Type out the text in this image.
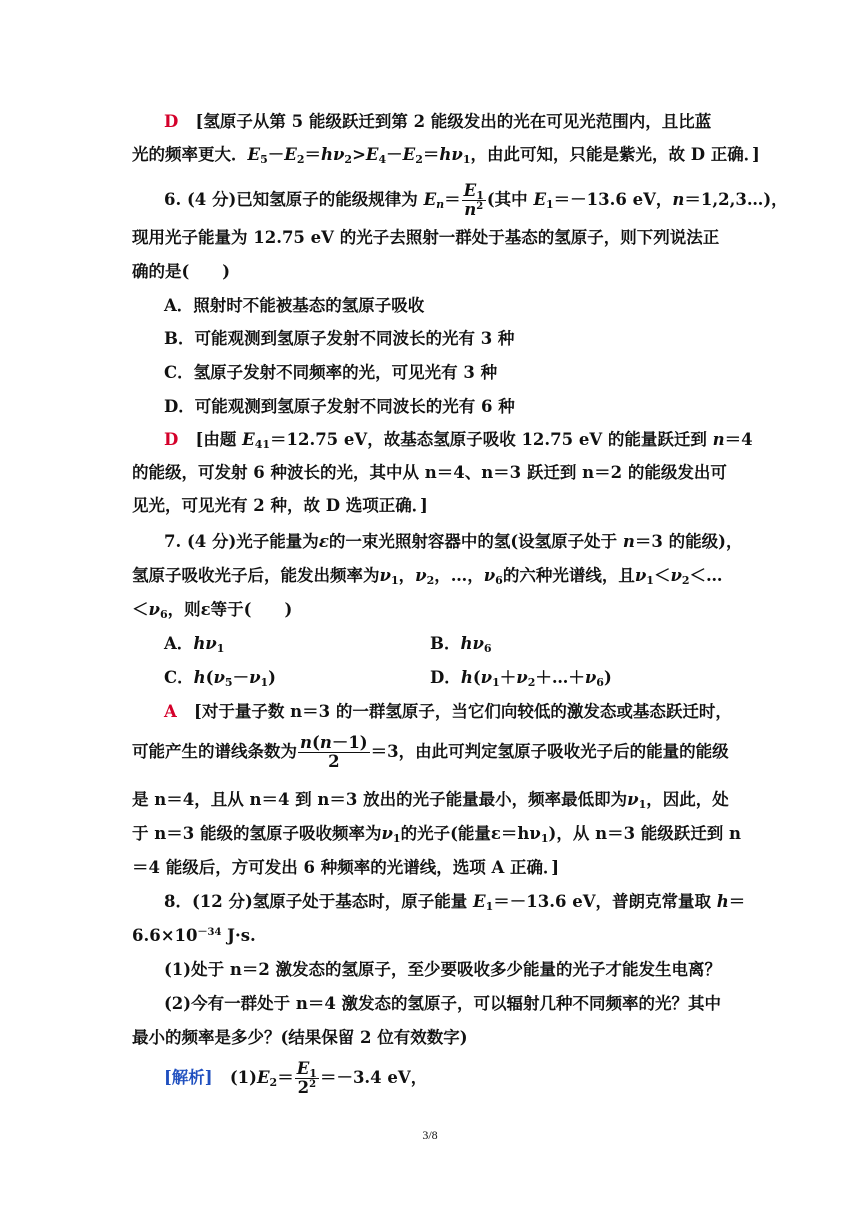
D [氢原子从第 5 能级跃迁到第 2 能级发出的光在可见光范围内，且比蓝
光的频率更大．$E_5-E_2=h\nu_2>E_4-E_2=h\nu_1$，由此可知，只能是紫光，故 D 正确．]
6. (4 分)已知氢原子的能级规律为 $E_n= \frac{E_1}{n^2}$ (其中 $E_1=-13.6$ eV，n＝1,2,3…)，
现用光子能量为 12.75 eV 的光子去照射一群处于基态的氢原子，则下列说法正
确的是(　　)
A．照射时不能被基态的氢原子吸收
B．可能观测到氢原子发射不同波长的光有 3 种
C．氢原子发射不同频率的光，可见光有 3 种
D．可能观测到氢原子发射不同波长的光有 6 种
D [由题 $E_{41}=12.75$ eV，故基态氢原子吸收 12.75 eV 的能量跃迁到 n＝4
的能级，可发射 6 种波长的光，其中从 n＝4、n＝3 跃迁到 n＝2 的能级发出可
见光，可见光有 2 种，故 D 选项正确．]
7. (4 分)光子能量为ε的一束光照射容器中的氢(设氢原子处于 n＝3 的能级)，
氢原子吸收光子后，能发出频率为$\nu_1$，$\nu_2$，…，$\nu_6$的六种光谱线，且$\nu_1<\nu_2<\dots$
$<\nu_6$，则ε等于(　　)
A．$h\nu_1$	B．$h\nu_6$
C．$h(\nu_5-\nu_1)$	D．$h(\nu_1+\nu_2+\dots+\nu_6)$
A [对于量子数 n＝3 的一群氢原子，当它们向较低的激发态或基态跃迁时，
可能产生的谱线条数为 $\frac{n(n-1)}{2} =3$，由此可判定氢原子吸收光子后的能量的能级
是 n＝4，且从 n＝4 到 n＝3 放出的光子能量最小，频率最低即为$\nu_1$，因此，处
于 n＝3 能级的氢原子吸收频率为$\nu_1$的光子(能量$\varepsilon=h\nu_1$)，从 n＝3 能级跃迁到 n
＝4 能级后，方可发出 6 种频率的光谱线，选项 A 正确．]
8．(12 分)氢原子处于基态时，原子能量 $E_1=-13.6$ eV，普朗克常量取 h＝
$6.6\times 10^{-34}$ J·s.
(1)处于 n＝2 激发态的氢原子，至少要吸收多少能量的光子才能发生电离？
(2)今有一群处于 n＝4 激发态的氢原子，可以辐射几种不同频率的光？其中
最小的频率是多少？(结果保留 2 位有效数字)
[解析] $(1)E_2= \frac{E_1}{2^2} =-3.4$ eV，
3/8
